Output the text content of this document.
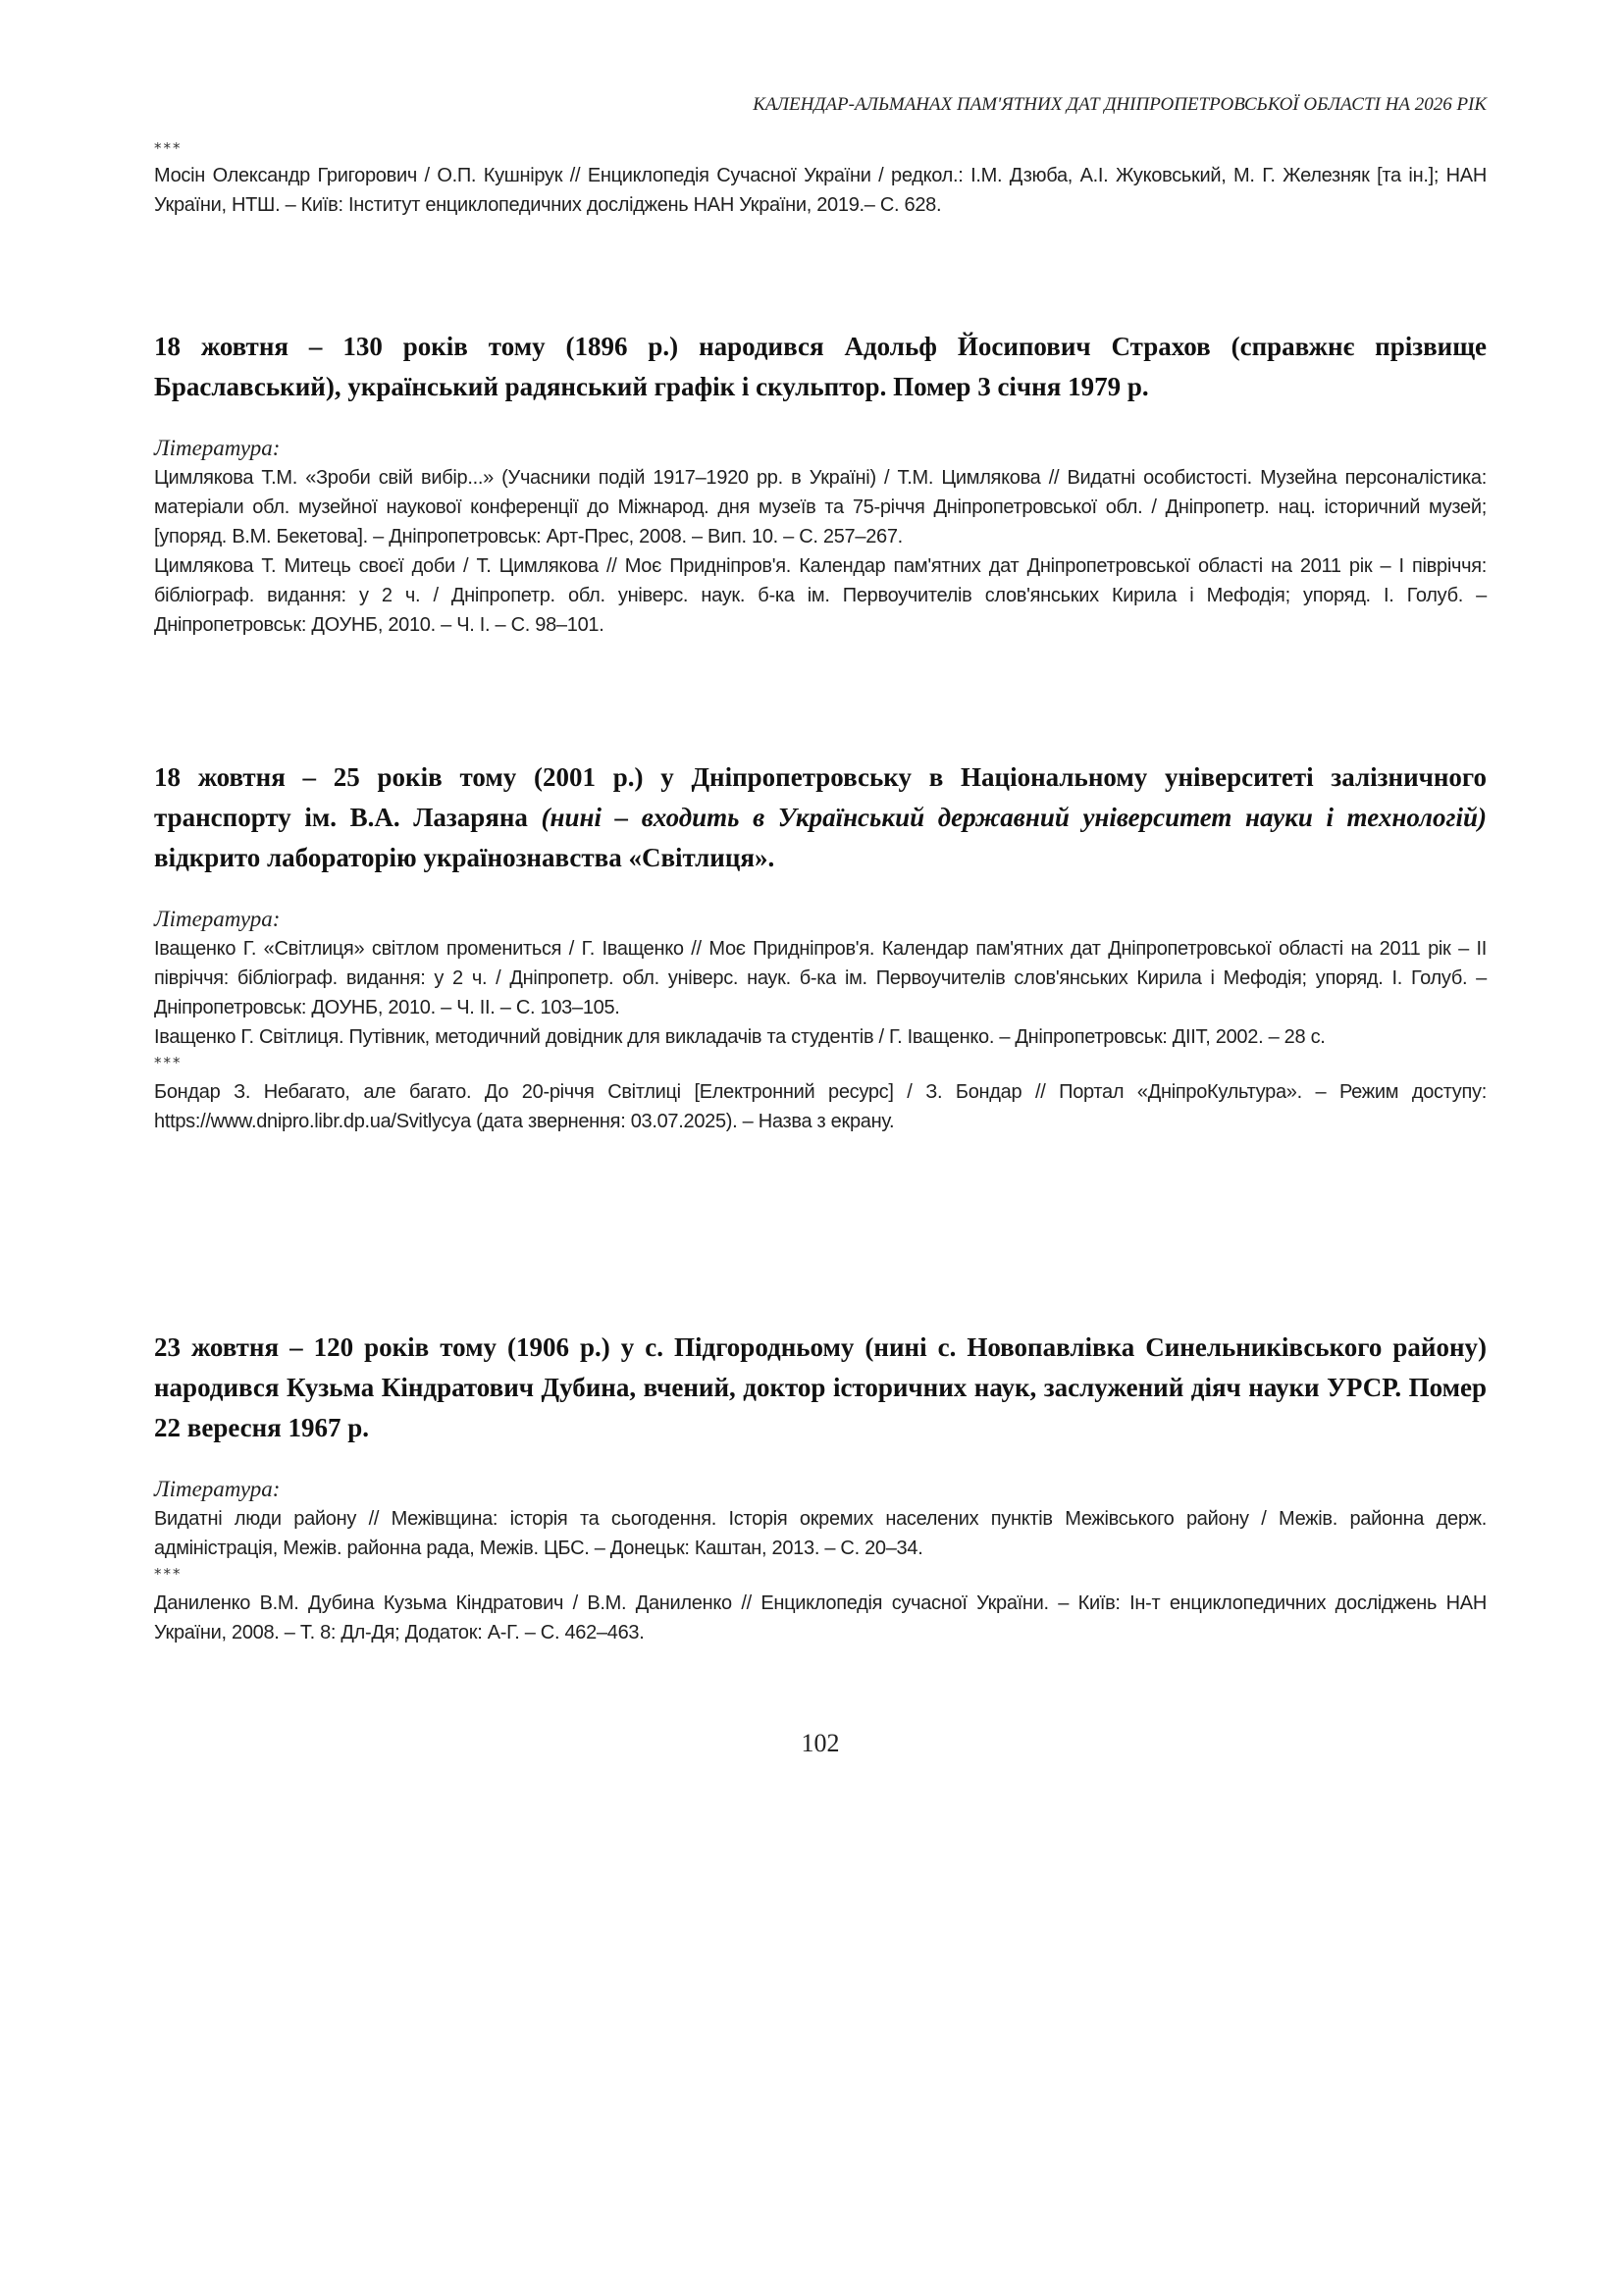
КАЛЕНДАР-АЛЬМАНАХ ПАМ'ЯТНИХ ДАТ ДНІПРОПЕТРОВСЬКОЇ ОБЛАСТІ НА 2026 РІК
***

Мосін Олександр Григорович / О.П. Кушнірук // Енциклопедія Сучасної України / редкол.: І.М. Дзюба, А.І. Жуковський, М. Г. Железняк [та ін.]; НАН України, НТШ. – Київ: Інститут енциклопедичних досліджень НАН України, 2019.– С. 628.

18 жовтня – 130 років тому (1896 р.) народився Адольф Йосипович Страхов (справжнє прізвище Браславський), український радянський графік і скульптор. Помер 3 січня 1979 р.

Література:

Цимлякова Т.М. «Зроби свій вибір...» (Учасники подій 1917–1920 рр. в Україні) / Т.М. Цимлякова // Видатні особистості. Музейна персоналістика: матеріали обл. музейної наукової конференції до Міжнарод. дня музеїв та 75-річчя Дніпропетровської обл. / Дніпропетр. нац. історичний музей; [упоряд. В.М. Бекетова]. – Дніпропетровськ: Арт-Прес, 2008. – Вип. 10. – С. 257–267.

Цимлякова Т. Митець своєї доби / Т. Цимлякова // Моє Придніпров'я. Календар пам'ятних дат Дніпропетровської області на 2011 рік – І півріччя: бібліограф. видання: у 2 ч. / Дніпропетр. обл. універс. наук. б-ка ім. Первоучителів слов'янських Кирила і Мефодія; упоряд. І. Голуб. – Дніпропетровськ: ДОУНБ, 2010. – Ч. І. – С. 98–101.

18 жовтня – 25 років тому (2001 р.) у Дніпропетровську в Національному університеті залізничного транспорту ім. В.А. Лазаряна (нині – входить в Український державний університет науки і технологій) відкрито лабораторію українознавства «Світлиця».

Література:

Іващенко Г. «Світлиця» світлом промениться / Г. Іващенко // Моє Придніпров'я. Календар пам'ятних дат Дніпропетровської області на 2011 рік – ІІ півріччя: бібліограф. видання: у 2 ч. / Дніпропетр. обл. універс. наук. б-ка ім. Первоучителів слов'янських Кирила і Мефодія; упоряд. І. Голуб. – Дніпропетровськ: ДОУНБ, 2010. – Ч. ІІ. – С. 103–105.

Іващенко Г. Світлиця. Путівник, методичний довідник для викладачів та студентів / Г. Іващенко. – Дніпропетровськ: ДІІТ, 2002. – 28 с.

***

Бондар З. Небагато, але багато. До 20-річчя Світлиці [Електронний ресурс] / З. Бондар // Портал «ДніпроКультура». – Режим доступу: https://www.dnipro.libr.dp.ua/Svitlycya (дата звернення: 03.07.2025). – Назва з екрану.

23 жовтня – 120 років тому (1906 р.) у с. Підгородньому (нині с. Новопавлівка Синельниківського району) народився Кузьма Кіндратович Дубина, вчений, доктор історичних наук, заслужений діяч науки УРСР. Помер 22 вересня 1967 р.

Література:

Видатні люди району // Межівщина: історія та сьогодення. Історія окремих населених пунктів Межівського району / Межів. районна держ. адміністрація, Межів. районна рада, Межів. ЦБС. – Донецьк: Каштан, 2013. – С. 20–34.

***

Даниленко В.М. Дубина Кузьма Кіндратович / В.М. Даниленко // Енциклопедія сучасної України. – Київ: Ін-т енциклопедичних досліджень НАН України, 2008. – Т. 8: Дл-Дя; Додаток: А-Г. – С. 462–463.

102
